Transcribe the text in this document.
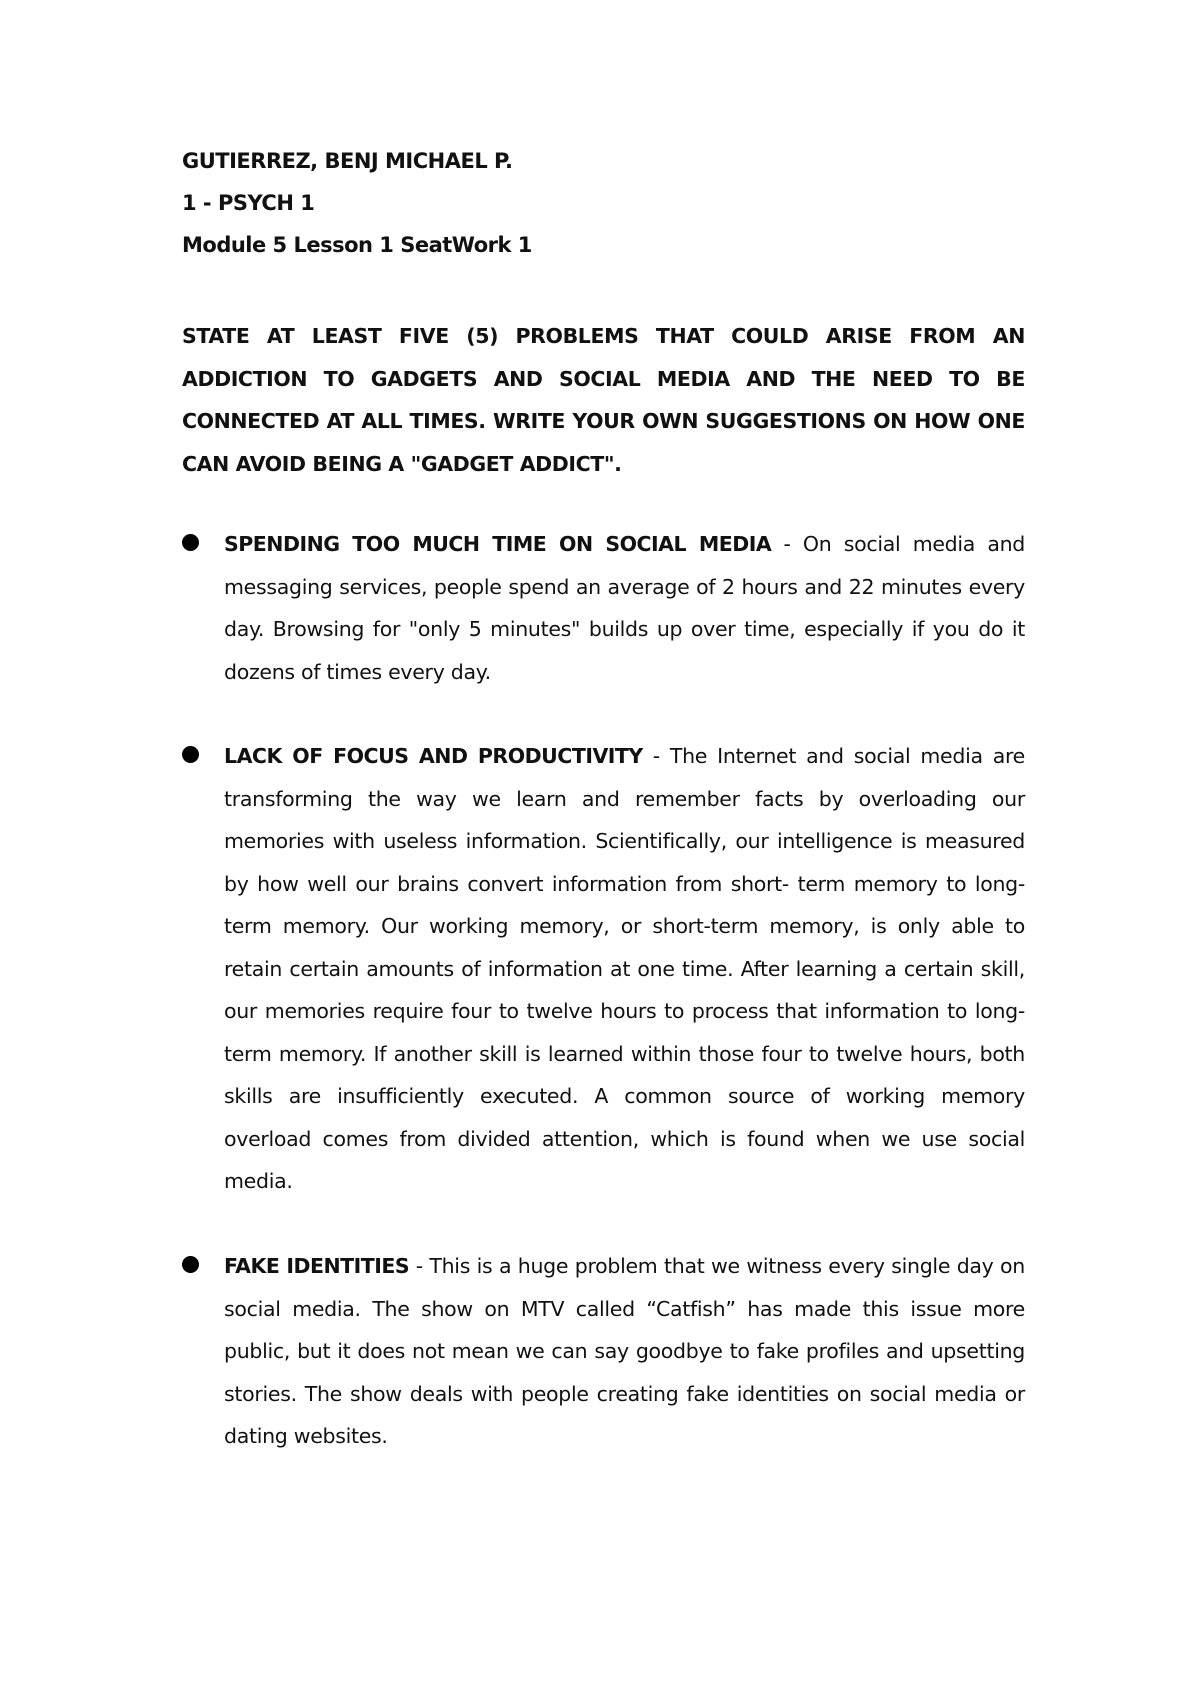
GUTIERREZ, BENJ MICHAEL P.
1 - PSYCH 1
Module 5 Lesson 1 SeatWork 1
STATE AT LEAST FIVE (5) PROBLEMS THAT COULD ARISE FROM AN ADDICTION TO GADGETS AND SOCIAL MEDIA AND THE NEED TO BE CONNECTED AT ALL TIMES. WRITE YOUR OWN SUGGESTIONS ON HOW ONE CAN AVOID BEING A "GADGET ADDICT".
SPENDING TOO MUCH TIME ON SOCIAL MEDIA - On social media and messaging services, people spend an average of 2 hours and 22 minutes every day. Browsing for "only 5 minutes" builds up over time, especially if you do it dozens of times every day.
LACK OF FOCUS AND PRODUCTIVITY - The Internet and social media are transforming the way we learn and remember facts by overloading our memories with useless information. Scientifically, our intelligence is measured by how well our brains convert information from short- term memory to long-term memory. Our working memory, or short-term memory, is only able to retain certain amounts of information at one time. After learning a certain skill, our memories require four to twelve hours to process that information to long-term memory. If another skill is learned within those four to twelve hours, both skills are insufficiently executed. A common source of working memory overload comes from divided attention, which is found when we use social media.
FAKE IDENTITIES - This is a huge problem that we witness every single day on social media. The show on MTV called “Catfish” has made this issue more public, but it does not mean we can say goodbye to fake profiles and upsetting stories. The show deals with people creating fake identities on social media or dating websites.
